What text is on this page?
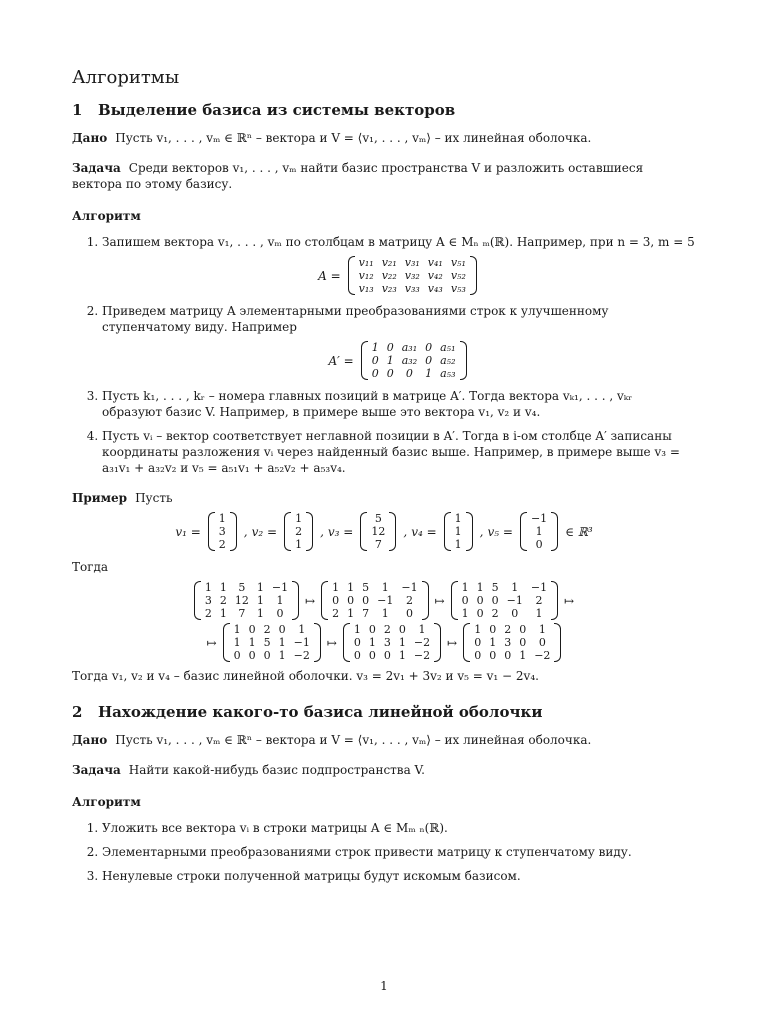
Алгоритмы
1 Выделение базиса из системы векторов

Дано Пусть v₁, . . . , vₘ ∈ ℝⁿ – вектора и V = ⟨v₁, . . . , vₘ⟩ – их линейная оболочка.

Задача Среди векторов v₁, . . . , vₘ найти базис пространства V и разложить оставшиеся вектора по этому базису.

Алгоритм
1. Запишем вектора v₁, . . . , vₘ по столбцам в матрицу A ∈ Mₙ ₘ(ℝ). Например, при n = 3, m = 5
A =
v₁₁	v₂₁	v₃₁	v₄₁	v₅₁
v₁₂	v₂₂	v₃₂	v₄₂	v₅₂
v₁₃	v₂₃	v₃₃	v₄₃	v₅₃
2. Приведем матрицу A элементарными преобразованиями строк к улучшенному ступенчатому виду. Например
A′ =
1	0	a₃₁	0	a₅₁
0	1	a₃₂	0	a₅₂
0	0	0	1	a₅₃
3. Пусть k₁, . . . , kᵣ – номера главных позиций в матрице A′. Тогда вектора vₖ₁, . . . , vₖᵣ образуют базис V. Например, в примере выше это вектора v₁, v₂ и v₄.
4. Пусть vᵢ – вектор соответствует неглавной позиции в A′. Тогда в i-ом столбце A′ записаны координаты разложения vᵢ через найденный базис выше. Например, в примере выше v₃ = a₃₁v₁ + a₃₂v₂ и v₅ = a₅₁v₁ + a₅₂v₂ + a₅₃v₄.

Пример Пусть

v₁ =
1
3
2
, v₂ =
1
2
1
, v₃ =
5
12
7
, v₄ =
1
1
1
, v₅ =
−1
1
0
∈ ℝ³

Тогда

1	1	5	1	−1
3	2	12	1	1
2	1	7	1	0
↦
1	1	5	1	−1
0	0	0	−1	2
2	1	7	1	0
↦
1	1	5	1	−1
0	0	0	−1	2
1	0	2	0	1
↦
↦
1	0	2	0	1
1	1	5	1	−1
0	0	0	1	−2
↦
1	0	2	0	1
0	1	3	1	−2
0	0	0	1	−2
↦
1	0	2	0	1
0	1	3	0	0
0	0	0	1	−2

Тогда v₁, v₂ и v₄ – базис линейной оболочки. v₃ = 2v₁ + 3v₂ и v₅ = v₁ − 2v₄.

2 Нахождение какого-то базиса линейной оболочки

Дано Пусть v₁, . . . , vₘ ∈ ℝⁿ – вектора и V = ⟨v₁, . . . , vₘ⟩ – их линейная оболочка.

Задача Найти какой-нибудь базис подпространства V.

Алгоритм
1. Уложить все вектора vᵢ в строки матрицы A ∈ Mₘ ₙ(ℝ).
2. Элементарными преобразованиями строк привести матрицу к ступенчатому виду.
3. Ненулевые строки полученной матрицы будут искомым базисом.
1
